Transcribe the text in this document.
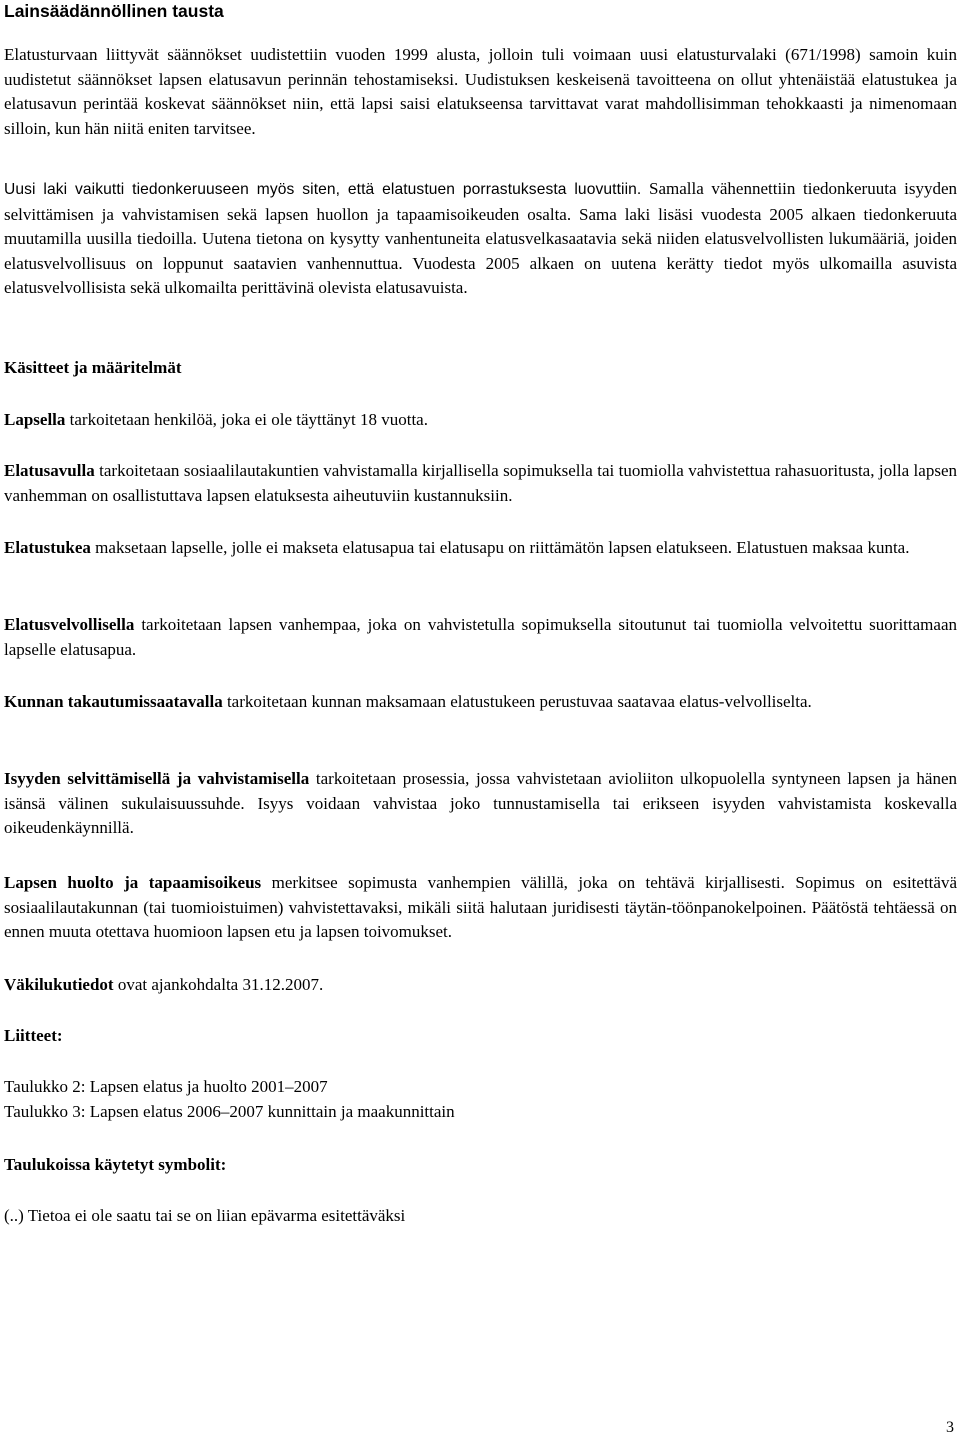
Lainsäädännöllinen tausta

Elatusturvaan liittyvät säännökset uudistettiin vuoden 1999 alusta, jolloin tuli voimaan uusi elatusturvalaki (671/1998) samoin kuin uudistetut säännökset lapsen elatusavun perinnän tehostamiseksi. Uudistuksen keskeisenä tavoitteena on ollut yhtenäistää elatustukea ja elatusavun perintää koskevat säännökset niin, että lapsi saisi elatukseensa tarvittavat varat mahdollisimman tehokkaasti ja nimenomaan silloin, kun hän niitä eniten tarvitsee.

Uusi laki vaikutti tiedonkeruuseen myös siten, että elatustuen porrastuksesta luovuttiin. Samalla vähennettiin tiedonkeruuta isyyden selvittämisen ja vahvistamisen sekä lapsen huollon ja tapaamisoikeuden osalta. Sama laki lisäsi vuodesta 2005 alkaen tiedonkeruuta muutamilla uusilla tiedoilla. Uutena tietona on kysytty vanhentuneita elatusvelkasaatavia sekä niiden elatusvelvollisten lukumääriä, joiden elatusvelvollisuus on loppunut saatavien vanhennuttua. Vuodesta 2005 alkaen on uutena kerätty tiedot myös ulkomailla asuvista elatusvelvollisista sekä ulkomailta perittävinä olevista elatusavuista.

Käsitteet ja määritelmät

Lapsella tarkoitetaan henkilöä, joka ei ole täyttänyt 18 vuotta.

Elatusavulla tarkoitetaan sosiaalilautakuntien vahvistamalla kirjallisella sopimuksella tai tuomiolla vahvistettua rahasuoritusta, jolla lapsen vanhemman on osallistuttava lapsen elatuksesta aiheutuviin kustannuksiin.

Elatustukea maksetaan lapselle, jolle ei makseta elatusapua tai elatusapu on riittämätön lapsen elatukseen. Elatustuen maksaa kunta.

Elatusvelvollisella tarkoitetaan lapsen vanhempaa, joka on vahvistetulla sopimuksella sitoutunut tai tuomiolla velvoitettu suorittamaan lapselle elatusapua.

Kunnan takautumissaatavalla tarkoitetaan kunnan maksamaan elatustukeen perustuvaa saatavaa elatus-velvolliselta.

Isyyden selvittämisellä ja vahvistamisella tarkoitetaan prosessia, jossa vahvistetaan avioliiton ulkopuolella syntyneen lapsen ja hänen isänsä välinen sukulaisuussuhde. Isyys voidaan vahvistaa joko tunnustamisella tai erikseen isyyden vahvistamista koskevalla oikeudenkäynnillä.

Lapsen huolto ja tapaamisoikeus merkitsee sopimusta vanhempien välillä, joka on tehtävä kirjallisesti. Sopimus on esitettävä sosiaalilautakunnan (tai tuomioistuimen) vahvistettavaksi, mikäli siitä halutaan juridisesti täytän-töönpanokelpoinen. Päätöstä tehtäessä on ennen muuta otettava huomioon lapsen etu ja lapsen toivomukset.

Väkilukutiedot ovat ajankohdalta 31.12.2007.

Liitteet:

Taulukko 2: Lapsen elatus ja huolto 2001–2007
Taulukko 3: Lapsen elatus 2006–2007 kunnittain ja maakunnittain

Taulukoissa käytetyt symbolit:

(..) Tietoa ei ole saatu tai se on liian epävarma esitettäväksi
3
